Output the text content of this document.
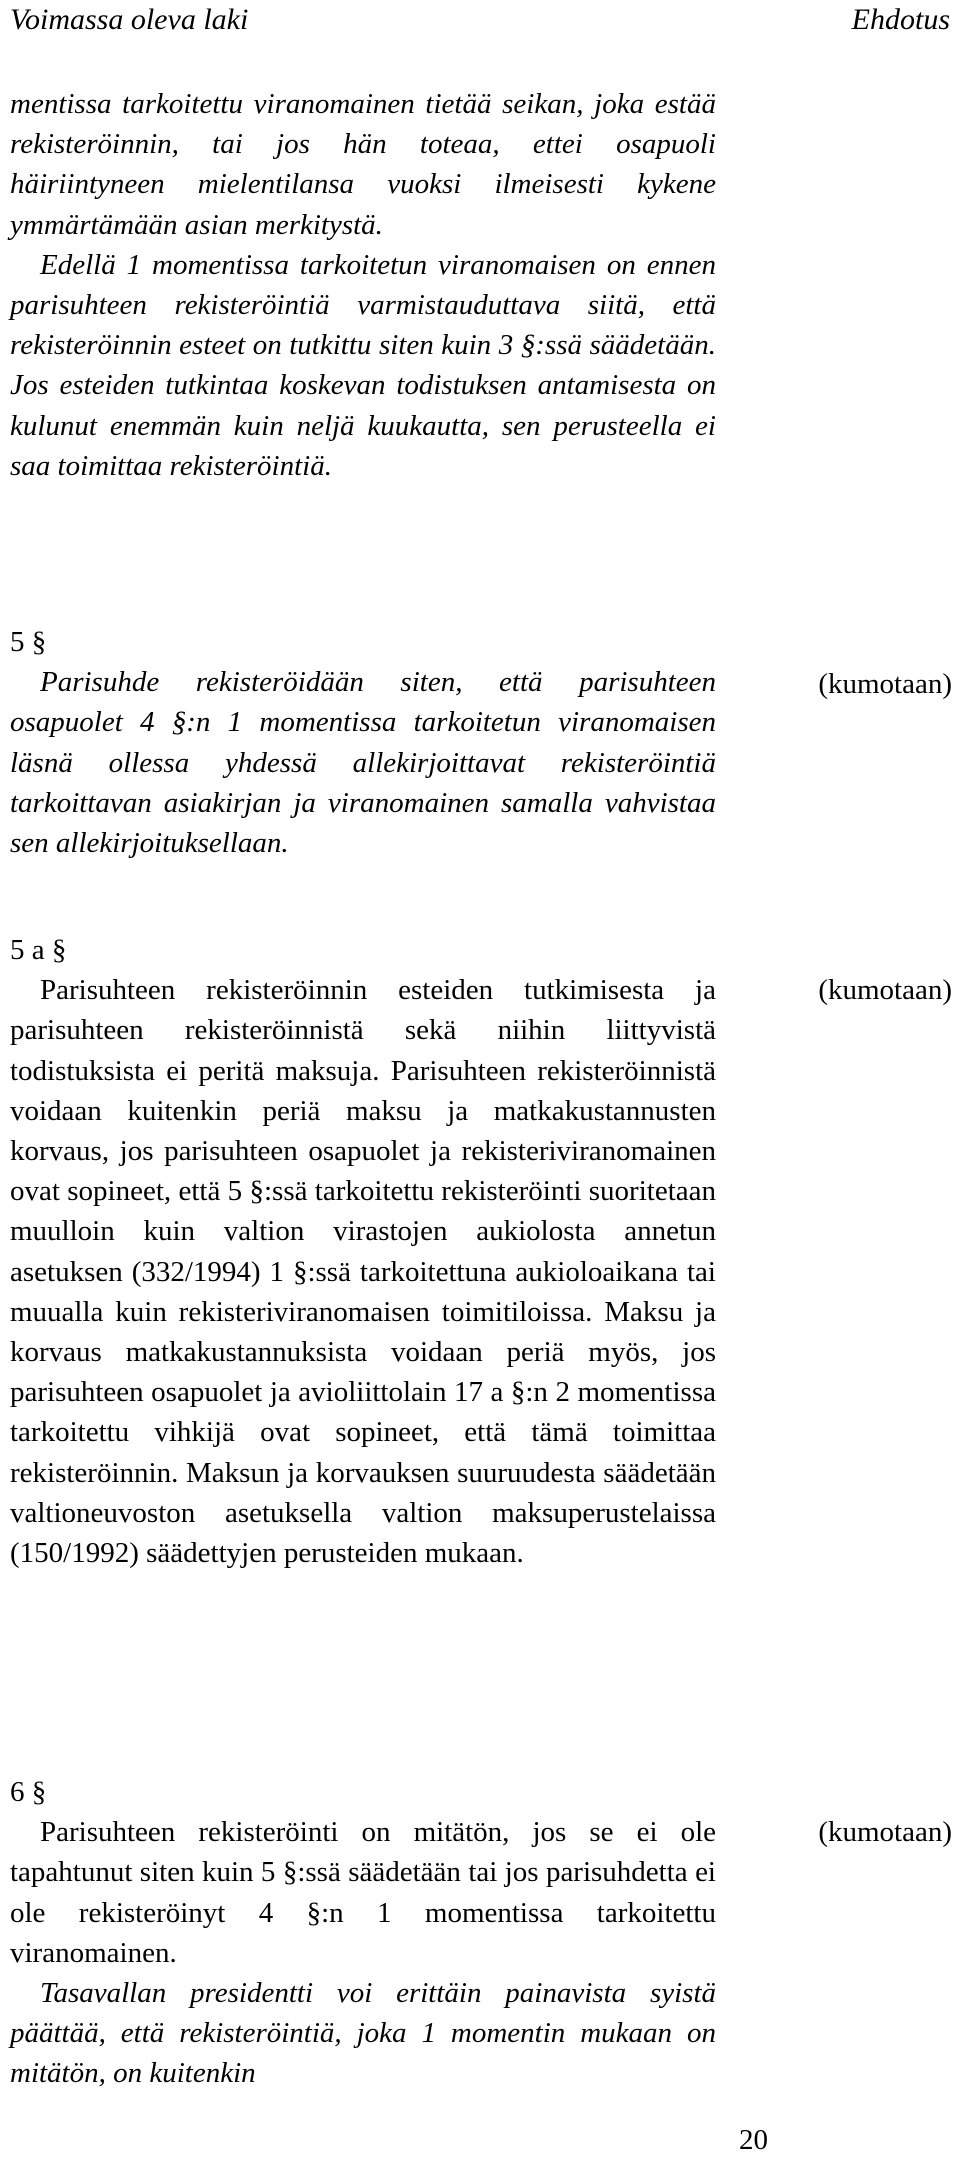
Voimassa oleva laki	Ehdotus

mentissa tarkoitettu viranomainen tietää seikan, joka estää rekisteröinnin, tai jos hän toteaa, ettei osapuoli häiriintyneen mielentilansa vuoksi ilmeisesti kykene ymmärtämään asian merkitystä.

Edellä 1 momentissa tarkoitetun viranomaisen on ennen parisuhteen rekisteröintiä varmistauduttava siitä, että rekisteröinnin esteet on tutkittu siten kuin 3 §:ssä säädetään. Jos esteiden tutkintaa koskevan todistuksen antamisesta on kulunut enemmän kuin neljä kuukautta, sen perusteella ei saa toimittaa rekisteröintiä.

5 §

Parisuhde rekisteröidään siten, että parisuhteen osapuolet 4 §:n 1 momentissa tarkoitetun viranomaisen läsnä ollessa yhdessä allekirjoittavat rekisteröintiä tarkoittavan asiakirjan ja viranomainen samalla vahvistaa sen allekirjoituksellaan.

(kumotaan)

5 a §

Parisuhteen rekisteröinnin esteiden tutkimisesta ja parisuhteen rekisteröinnistä sekä niihin liittyvistä todistuksista ei peritä maksuja. Parisuhteen rekisteröinnistä voidaan kuitenkin periä maksu ja matkakustannusten korvaus, jos parisuhteen osapuolet ja rekisteriviranomainen ovat sopineet, että 5 §:ssä tarkoitettu rekisteröinti suoritetaan muulloin kuin valtion virastojen aukiolosta annetun asetuksen (332/1994) 1 §:ssä tarkoitettuna aukioloaikana tai muualla kuin rekisteriviranomaisen toimitiloissa. Maksu ja korvaus matkakustannuksista voidaan periä myös, jos parisuhteen osapuolet ja avioliittolain 17 a §:n 2 momentissa tarkoitettu vihkijä ovat sopineet, että tämä toimittaa rekisteröinnin. Maksun ja korvauksen suuruudesta säädetään valtioneuvoston asetuksella valtion maksuperustelaissa (150/1992) säädettyjen perusteiden mukaan.

(kumotaan)

6 §

Parisuhteen rekisteröinti on mitätön, jos se ei ole tapahtunut siten kuin 5 §:ssä säädetään tai jos parisuhdetta ei ole rekisteröinyt 4 §:n 1 momentissa tarkoitettu viranomainen.

Tasavallan presidentti voi erittäin painavista syistä päättää, että rekisteröintiä, joka 1 momentin mukaan on mitätön, on kuitenkin

(kumotaan)
20
